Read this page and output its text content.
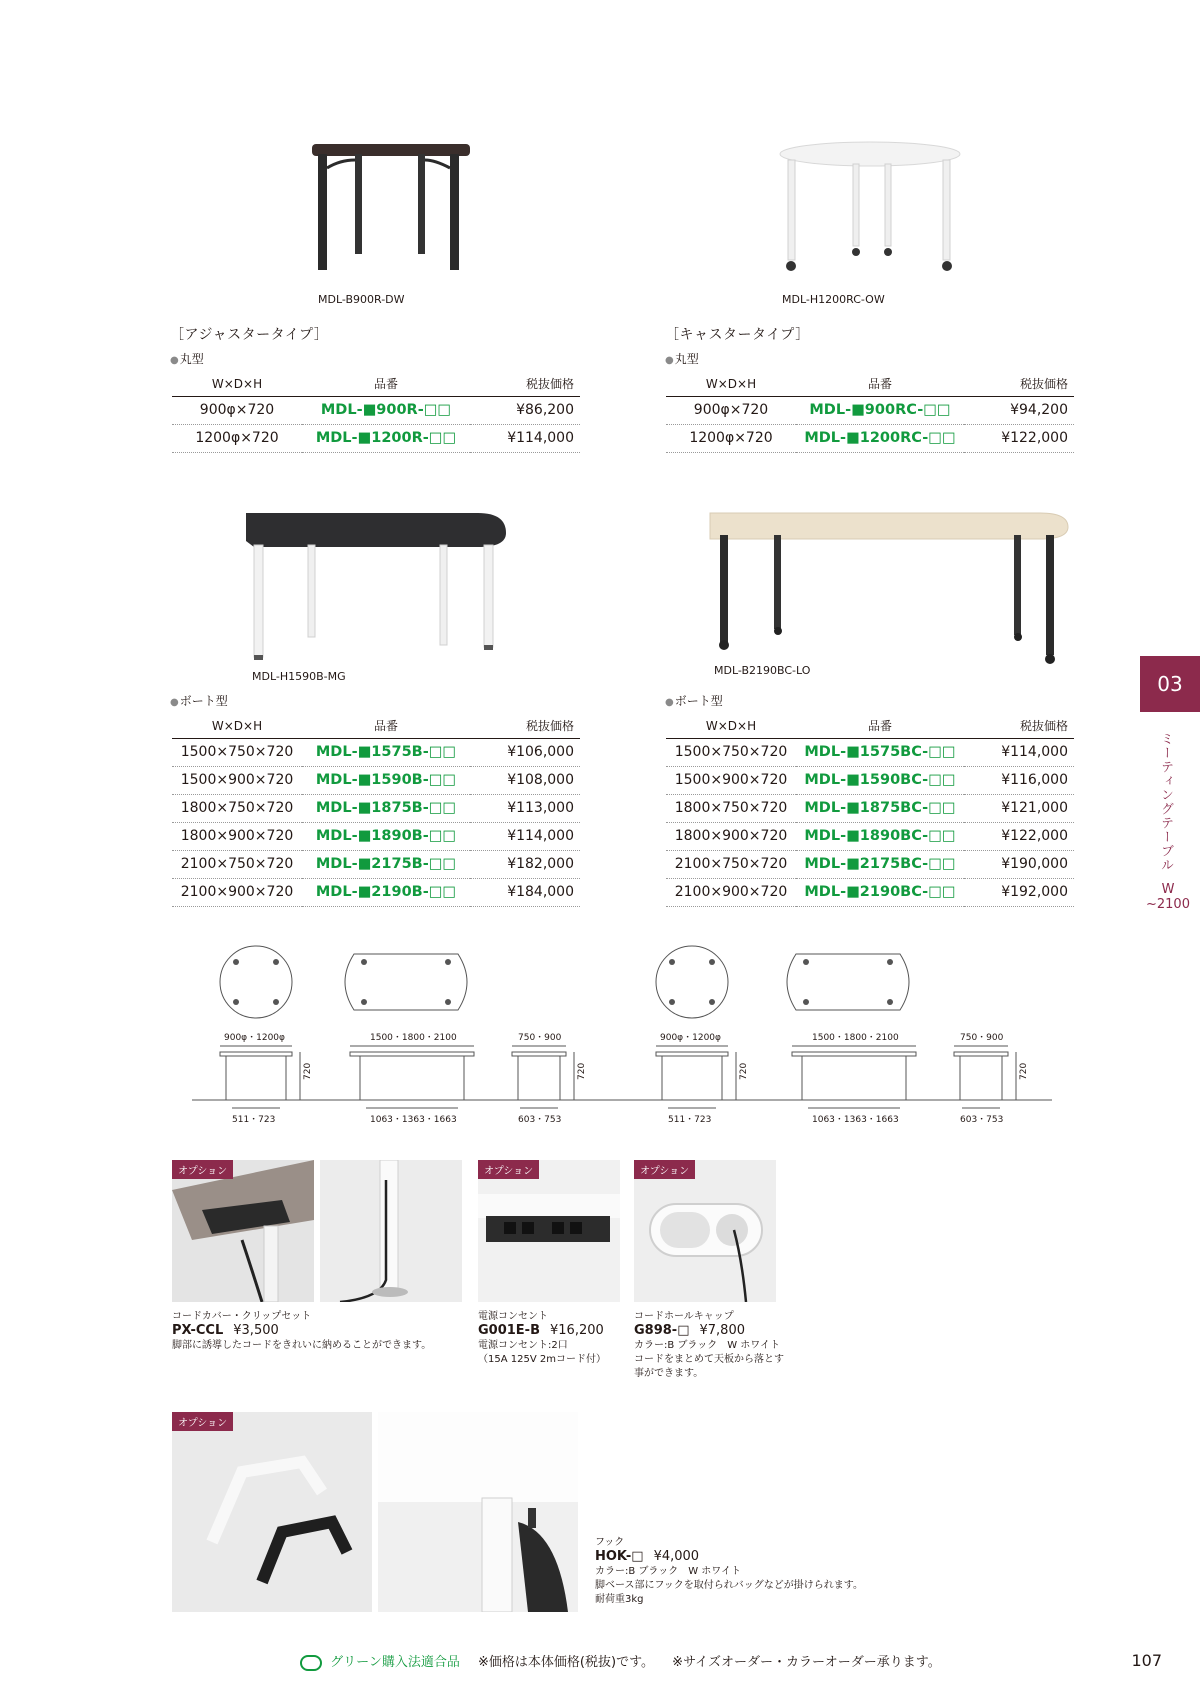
MDL-B900R-DW	MDL-H1200RC-OW
［アジャスタータイプ］
● 丸型
［キャスタータイプ］
● 丸型
W×D×H	品番	税抜価格
900φ×720	MDL-■900R-□□	¥86,200
1200φ×720	MDL-■1200R-□□	¥114,000
W×D×H	品番	税抜価格
900φ×720	MDL-■900RC-□□	¥94,200
1200φ×720	MDL-■1200RC-□□	¥122,000
MDL-H1590B-MG	MDL-B2190BC-LO
● ボート型	● ボート型
W×D×H	品番	税抜価格
1500×750×720	MDL-■1575B-□□	¥106,000
1500×900×720	MDL-■1590B-□□	¥108,000
1800×750×720	MDL-■1875B-□□	¥113,000
1800×900×720	MDL-■1890B-□□	¥114,000
2100×750×720	MDL-■2175B-□□	¥182,000
2100×900×720	MDL-■2190B-□□	¥184,000
W×D×H	品番	税抜価格
1500×750×720	MDL-■1575BC-□□	¥114,000
1500×900×720	MDL-■1590BC-□□	¥116,000
1800×750×720	MDL-■1875BC-□□	¥121,000
1800×900×720	MDL-■1890BC-□□	¥122,000
2100×750×720	MDL-■2175BC-□□	¥190,000
2100×900×720	MDL-■2190BC-□□	¥192,000
900φ・1200φ
511・723
1500・1800・2100
1063・1363・1663
750・900
603・753
720	720
900φ・1200φ
511・723
1500・1800・2100
1063・1363・1663
750・900
603・753
720	720
オプション
コードカバー・クリップセット
PX-CCL ¥3,500
脚部に誘導したコードをきれいに納めることができます。
オプション
電源コンセント
G001E-B ¥16,200
電源コンセント:2口
（15A 125V 2mコード付）
オプション
コードホールキャップ
G898-□ ¥7,800
カラー:B ブラック　W ホワイト
コードをまとめて天板から落とす
事ができます。
オプション
フック
HOK-□ ¥4,000
カラー:B ブラック　W ホワイト
脚ベース部にフックを取付られバッグなどが掛けられます。
耐荷重3kg
03
ミーティングテーブル
W
~2100
グリーン購入法適合品 ※価格は本体価格(税抜)です。 ※サイズオーダー・カラーオーダー承ります。	107
